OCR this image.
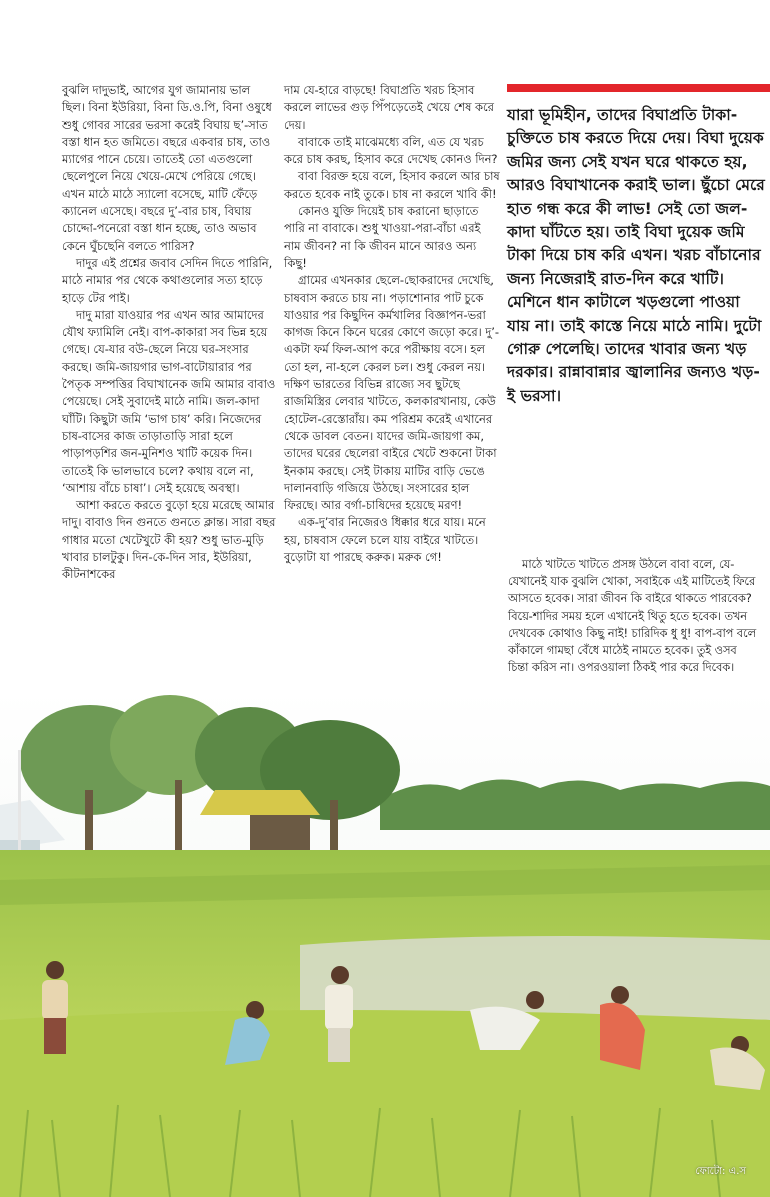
বুঝলি দাদুভাই, আগের যুগ জামানায় ভাল ছিল। বিনা ইউরিয়া, বিনা ডি.ও.পি, বিনা ওষুধে শুধু গোবর সারের ভরসা করেই বিঘায় ছ’-সাত বস্তা ধান হত জমিতে। বছরে একবার চাষ, তাও ম্যাগের পানে চেয়ে। তাতেই তো এতগুলো ছেলেপুলে নিয়ে খেয়ে-মেখে পেরিয়ে গেছে। এখন মাঠে মাঠে স্যালো বসেছে, মাটি ফেঁড়ে ক্যানেল এসেছে। বছরে দু’-বার চাষ, বিঘায় চোদ্দো-পনেরো বস্তা ধান হচ্ছে, তাও অভাব কেনে ঘুঁচছেনি বলতে পারিস?

দাদুর এই প্রশ্নের জবাব সেদিন দিতে পারিনি, মাঠে নামার পর থেকে কথাগুলোর সত্য হাড়ে হাড়ে টের পাই।

দাদু মারা যাওয়ার পর এখন আর আমাদের যৌথ ফ্যামিলি নেই। বাপ-কাকারা সব ভিন্ন হয়ে গেছে। যে-যার বউ-ছেলে নিয়ে ঘর-সংসার করছে। জমি-জায়গার ভাগ-বাটোয়ারার পর পৈতৃক সম্পত্তির বিঘাখানেক জমি আমার বাবাও পেয়েছে। সেই সুবাদেই মাঠে নামি। জল-কাদা ঘাঁটি। কিছুটা জমি ‘ভাগ চাষ’ করি। নিজেদের চাষ-বাসের কাজ তাড়াতাড়ি সারা হলে পাড়াপড়শির জন-মুনিশও খাটি কয়েক দিন। তাতেই কি ভালভাবে চলে? কথায় বলে না, ‘আশায় বাঁচে চাষা’। সেই হয়েছে অবস্থা।

আশা করতে করতে বুড়ো হয়ে মরেছে আমার দাদু। বাবাও দিন গুনতে গুনতে ক্লান্ত। সারা বছর গাধার মতো খেটেখুটে কী হয়? শুধু ভাত-মুড়ি খাবার চালটুকু। দিন-কে-দিন সার, ইউরিয়া, কীটনাশকের

দাম যে-হারে বাড়ছে! বিঘাপ্রতি খরচ হিসাব করলে লাভের গুড় পিঁপড়েতেই খেয়ে শেষ করে দেয়।

বাবাকে তাই মাঝেমধ্যে বলি, এত যে খরচ করে চাষ করছ, হিসাব করে দেখেছ কোনও দিন?

বাবা বিরক্ত হয়ে বলে, হিসাব করলে আর চাষ করতে হবেক নাই তুকে। চাষ না করলে খাবি কী!

কোনও যুক্তি দিয়েই চাষ করানো ছাড়াতে পারি না বাবাকে। শুধু খাওয়া-পরা-বাঁচা এরই নাম জীবন? না কি জীবন মানে আরও অন্য কিছু!

গ্রামের এখনকার ছেলে-ছোকরাদের দেখেছি, চাষবাস করতে চায় না। পড়াশোনার পাট চুকে যাওয়ার পর কিছুদিন কর্মখালির বিজ্ঞাপন-ভরা কাগজ কিনে কিনে ঘরের কোণে জড়ো করে। দু’-একটা ফর্ম ফিল-আপ করে পরীক্ষায় বসে। হল তো হল, না-হলে কেরল চল। শুধু কেরল নয়। দক্ষিণ ভারতের বিভিন্ন রাজ্যে সব ছুটছে রাজমিস্ত্রির লেবার খাটতে, কলকারখানায়, কেউ হোটেল-রেস্তোরাঁয়। কম পরিশ্রম করেই এখানের থেকে ডাবল বেতন। যাদের জমি-জায়গা কম, তাদের ঘরের ছেলেরা বাইরে খেটে শুকনো টাকা ইনকাম করছে। সেই টাকায় মাটির বাড়ি ভেঙে দালানবাড়ি গজিয়ে উঠছে। সংসারের হাল ফিরছে। আর বর্গা-চাষিদের হয়েছে মরণ!

এক-দু’বার নিজেরও ধিক্কার ধরে যায়। মনে হয়, চাষবাস ফেলে চলে যায় বাইরে খাটতে। বুড়োটা যা পারছে করুক। মরুক গে!

যারা ভূমিহীন, তাদের বিঘাপ্রতি টাকা-চুক্তিতে চাষ করতে দিয়ে দেয়। বিঘা দুয়েক জমির জন্য সেই যখন ঘরে থাকতে হয়, আরও বিঘাখানেক করাই ভাল। ছুঁচো মেরে হাত গন্ধ করে কী লাভ! সেই তো জল-কাদা ঘাঁটতে হয়। তাই বিঘা দুয়েক জমি টাকা দিয়ে চাষ করি এখন। খরচ বাঁচানোর জন্য নিজেরাই রাত-দিন করে খাটি। মেশিনে ধান কাটালে খড়গুলো পাওয়া যায় না। তাই কাস্তে নিয়ে মাঠে নামি। দুটো গোরু পেলেছি। তাদের খাবার জন্য খড় দরকার। রান্নাবান্নার জ্বালানির জন্যও খড়-ই ভরসা।

মাঠে খাটতে খাটতে প্রসঙ্গ উঠলে বাবা বলে, যে-যেখানেই যাক বুঝলি খোকা, সবাইকে এই মাটিতেই ফিরে আসতে হবেক। সারা জীবন কি বাইরে থাকতে পারবেক? বিয়ে-শাদির সময় হলে এখানেই থিতু হতে হবেক। তখন দেখবেক কোথাও কিছু নাই! চারিদিক ধু ধু! বাপ-বাপ বলে কাঁকালে গামছা বেঁধে মাঠেই নামতে হবেক। তুই ওসব চিন্তা করিস না। ওপরওয়ালা ঠিকই পার করে দিবেক।

ফোটো: এ.স
